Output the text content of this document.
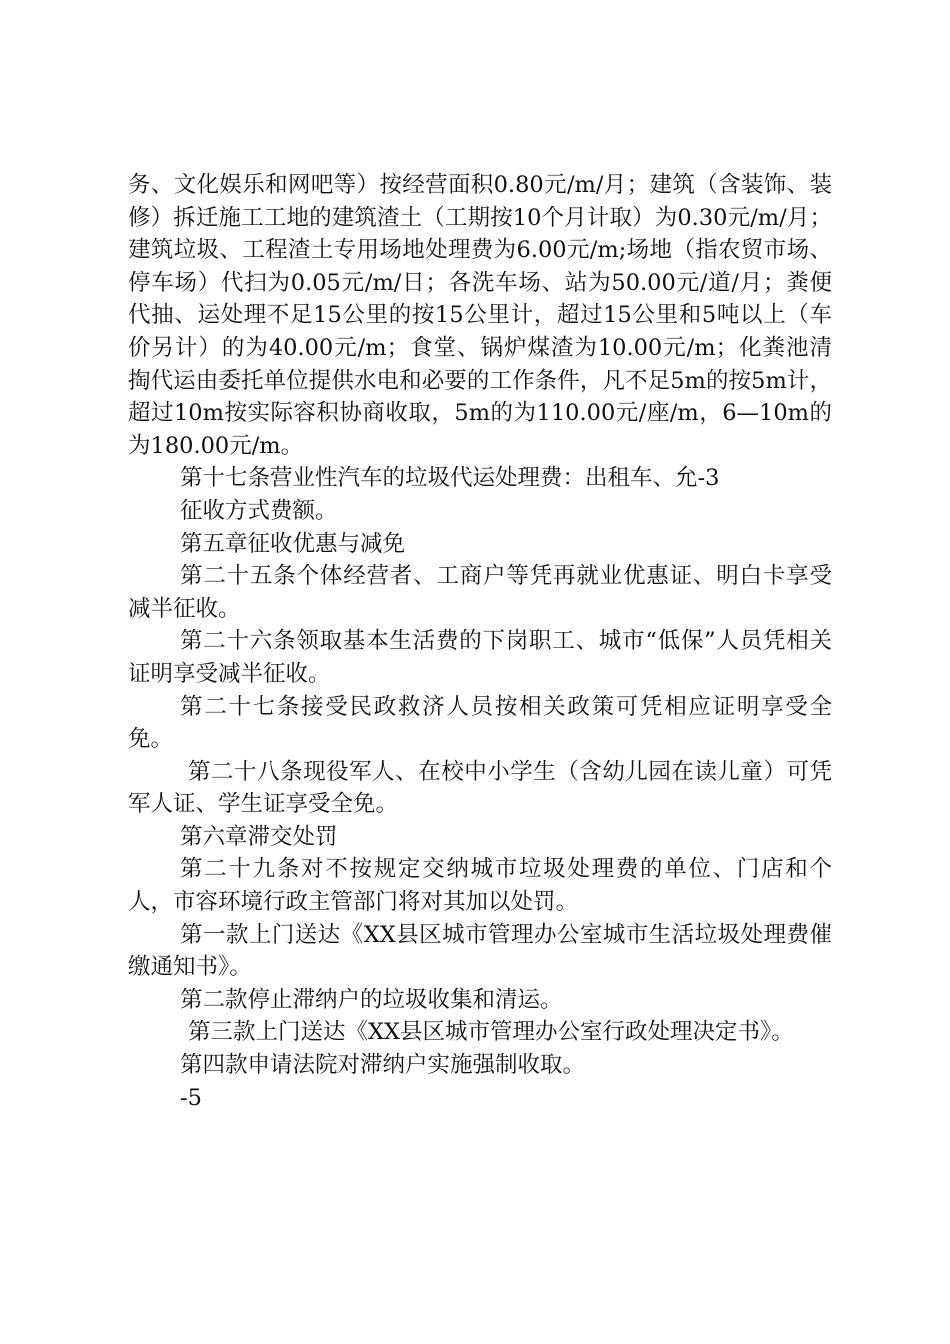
务、文化娱乐和网吧等）按经营面积0.80元/m/月；建筑（含装饰、装修）拆迁施工工地的建筑渣土（工期按10个月计取）为0.30元/m/月；建筑垃圾、工程渣土专用场地处理费为6.00元/m;场地（指农贸市场、停车场）代扫为0.05元/m/日；各洗车场、站为50.00元/道/月；粪便代抽、运处理不足15公里的按15公里计，超过15公里和5吨以上（车价另计）的为40.00元/m；食堂、锅炉煤渣为10.00元/m；化粪池清掏代运由委托单位提供水电和必要的工作条件，凡不足5m的按5m计，超过10m按实际容积协商收取，5m的为110.00元/座/m，6—10m的为180.00元/m。

第十七条营业性汽车的垃圾代运处理费：出租车、允-3

征收方式费额。

第五章征收优惠与减免

第二十五条个体经营者、工商户等凭再就业优惠证、明白卡享受减半征收。

第二十六条领取基本生活费的下岗职工、城市“低保”人员凭相关证明享受减半征收。

第二十七条接受民政救济人员按相关政策可凭相应证明享受全免。

第二十八条现役军人、在校中小学生（含幼儿园在读儿童）可凭军人证、学生证享受全免。

第六章滞交处罚

第二十九条对不按规定交纳城市垃圾处理费的单位、门店和个人，市容环境行政主管部门将对其加以处罚。

第一款上门送达《XX县区城市管理办公室城市生活垃圾处理费催缴通知书》。

第二款停止滞纳户的垃圾收集和清运。

第三款上门送达《XX县区城市管理办公室行政处理决定书》。

第四款申请法院对滞纳户实施强制收取。

-5
